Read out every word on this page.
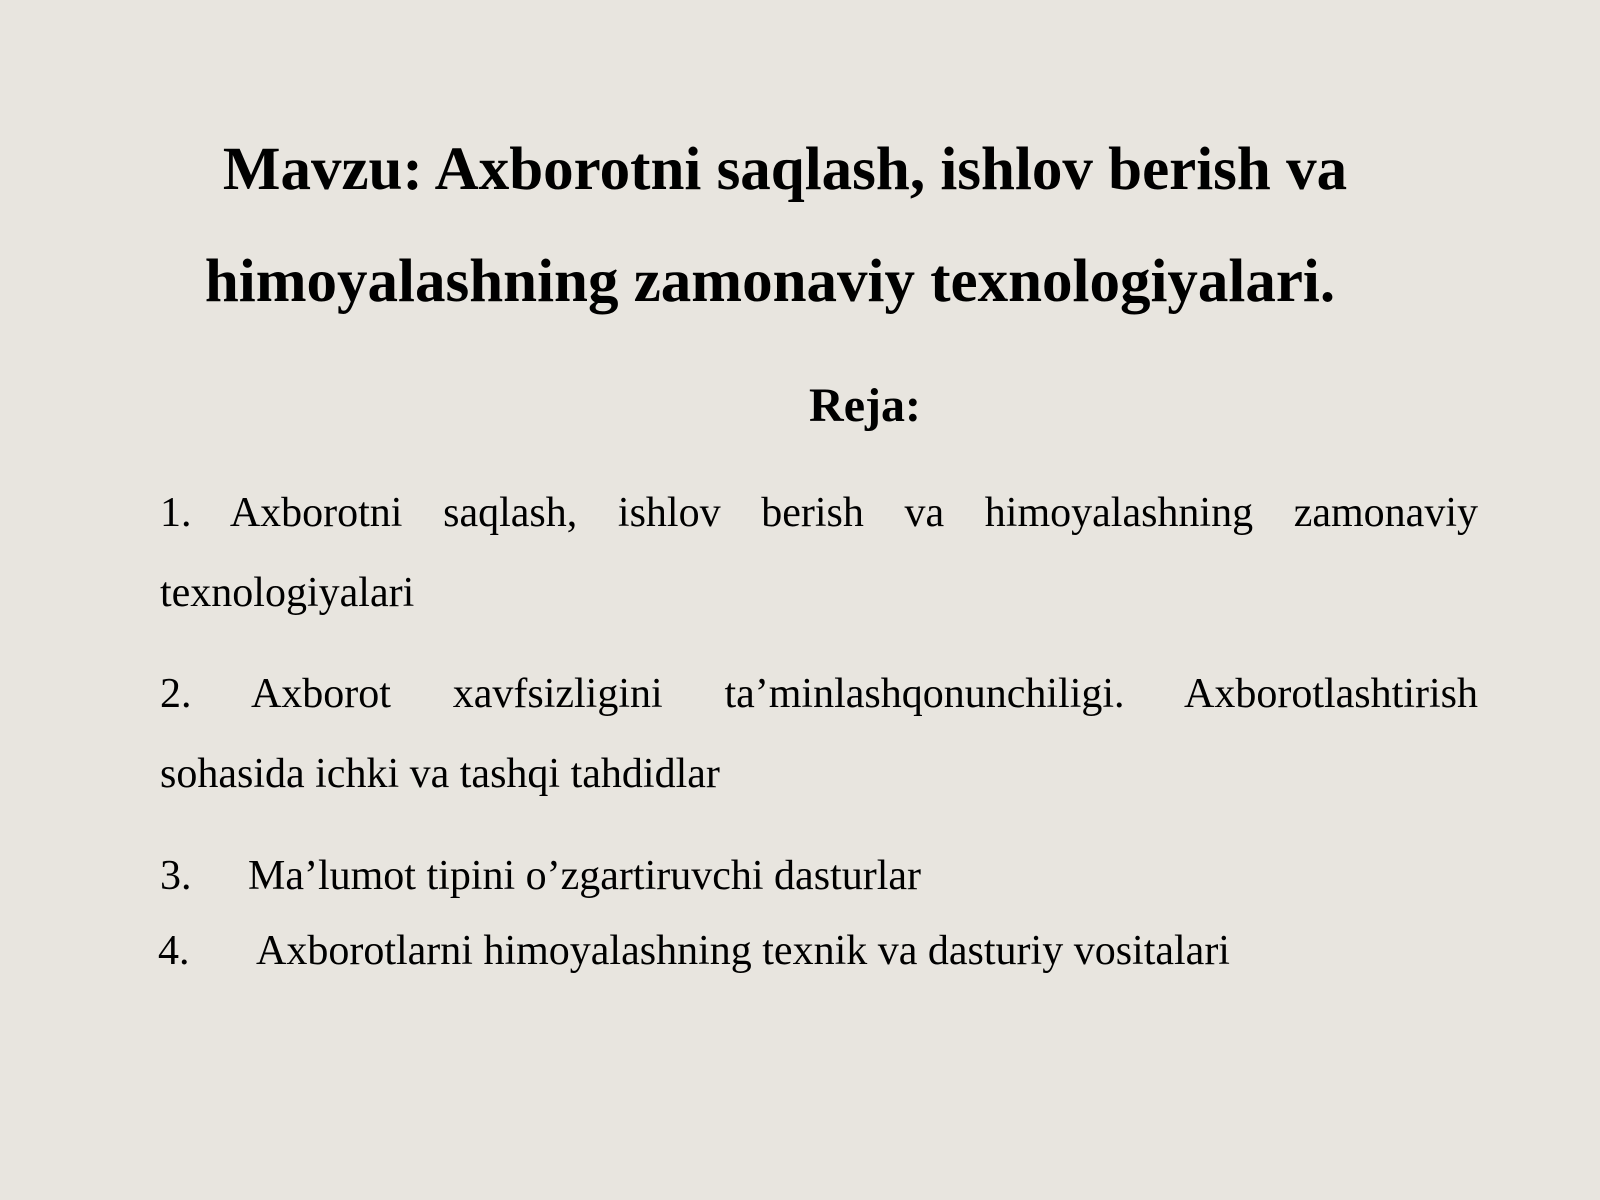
Mavzu: Axborotni saqlash, ishlov berish va
himoyalashning zamonaviy texnologiyalari.
Reja:
1. Axborotni saqlash, ishlov berish va himoyalashning zamonaviy
texnologiyalari
2. Axborot xavfsizligini ta’minlashqonunchiligi. Axborotlashtirish
sohasida ichki va tashqi tahdidlar
3. Ma’lumot tipini o’zgartiruvchi dasturlar
4. Axborotlarni himoyalashning texnik va dasturiy vositalari
